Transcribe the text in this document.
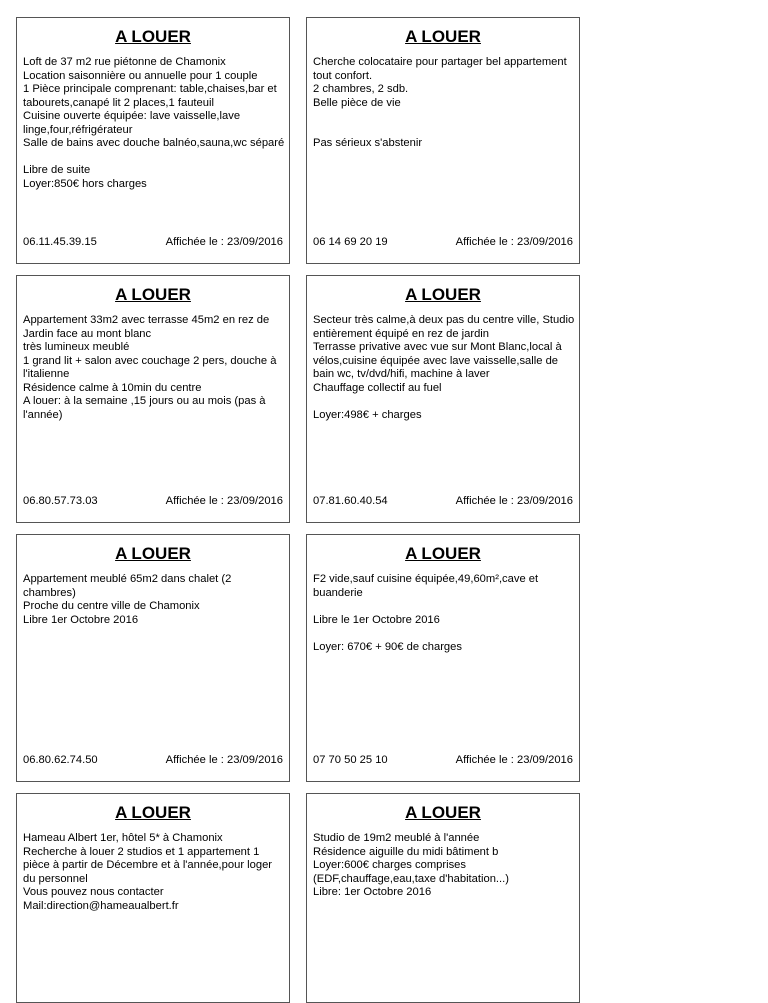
A LOUER
Loft de 37 m2 rue piétonne de Chamonix
Location saisonnière ou annuelle pour 1 couple
1 Pièce principale comprenant: table,chaises,bar et tabourets,canapé lit 2 places,1 fauteuil
Cuisine ouverte équipée: lave vaisselle,lave linge,four,réfrigérateur
Salle de bains avec douche balnéo,sauna,wc séparé

Libre de suite
Loyer:850€ hors charges
06.11.45.39.15	Affichée le : 23/09/2016
A LOUER
Cherche colocataire pour partager bel appartement tout confort.
2 chambres, 2 sdb.
Belle pièce de vie

Pas sérieux s'abstenir
06 14 69 20 19	Affichée le : 23/09/2016
A LOUER
Appartement 33m2 avec terrasse 45m2 en rez de Jardin face au mont blanc
très lumineux meublé
1 grand lit + salon avec couchage 2 pers, douche à l'italienne
Résidence calme à 10min du centre
A louer: à la semaine ,15 jours ou au mois (pas à l'année)
06.80.57.73.03	Affichée le : 23/09/2016
A LOUER
Secteur très calme,à deux pas du centre ville, Studio entièrement équipé en rez de jardin
Terrasse privative avec vue sur Mont Blanc,local à vélos,cuisine équipée avec lave vaisselle,salle de bain wc, tv/dvd/hifi, machine à laver
Chauffage collectif au fuel

Loyer:498€ + charges
07.81.60.40.54	Affichée le : 23/09/2016
A LOUER
Appartement meublé 65m2 dans chalet (2 chambres)
Proche du centre ville de Chamonix
Libre 1er Octobre 2016
06.80.62.74.50	Affichée le : 23/09/2016
A LOUER
F2 vide,sauf cuisine équipée,49,60m²,cave et buanderie

Libre le 1er Octobre 2016

Loyer: 670€ + 90€ de charges
07 70 50 25 10	Affichée le : 23/09/2016
A LOUER
Hameau Albert 1er, hôtel 5* à Chamonix
Recherche à louer 2 studios et 1 appartement 1 pièce à partir de Décembre et à l'année,pour loger du personnel
Vous pouvez nous contacter
Mail:direction@hameaualbert.fr
A LOUER
Studio de 19m2 meublé à l'année
Résidence aiguille du midi bâtiment b
Loyer:600€ charges comprises (EDF,chauffage,eau,taxe d'habitation...)
Libre: 1er Octobre 2016
